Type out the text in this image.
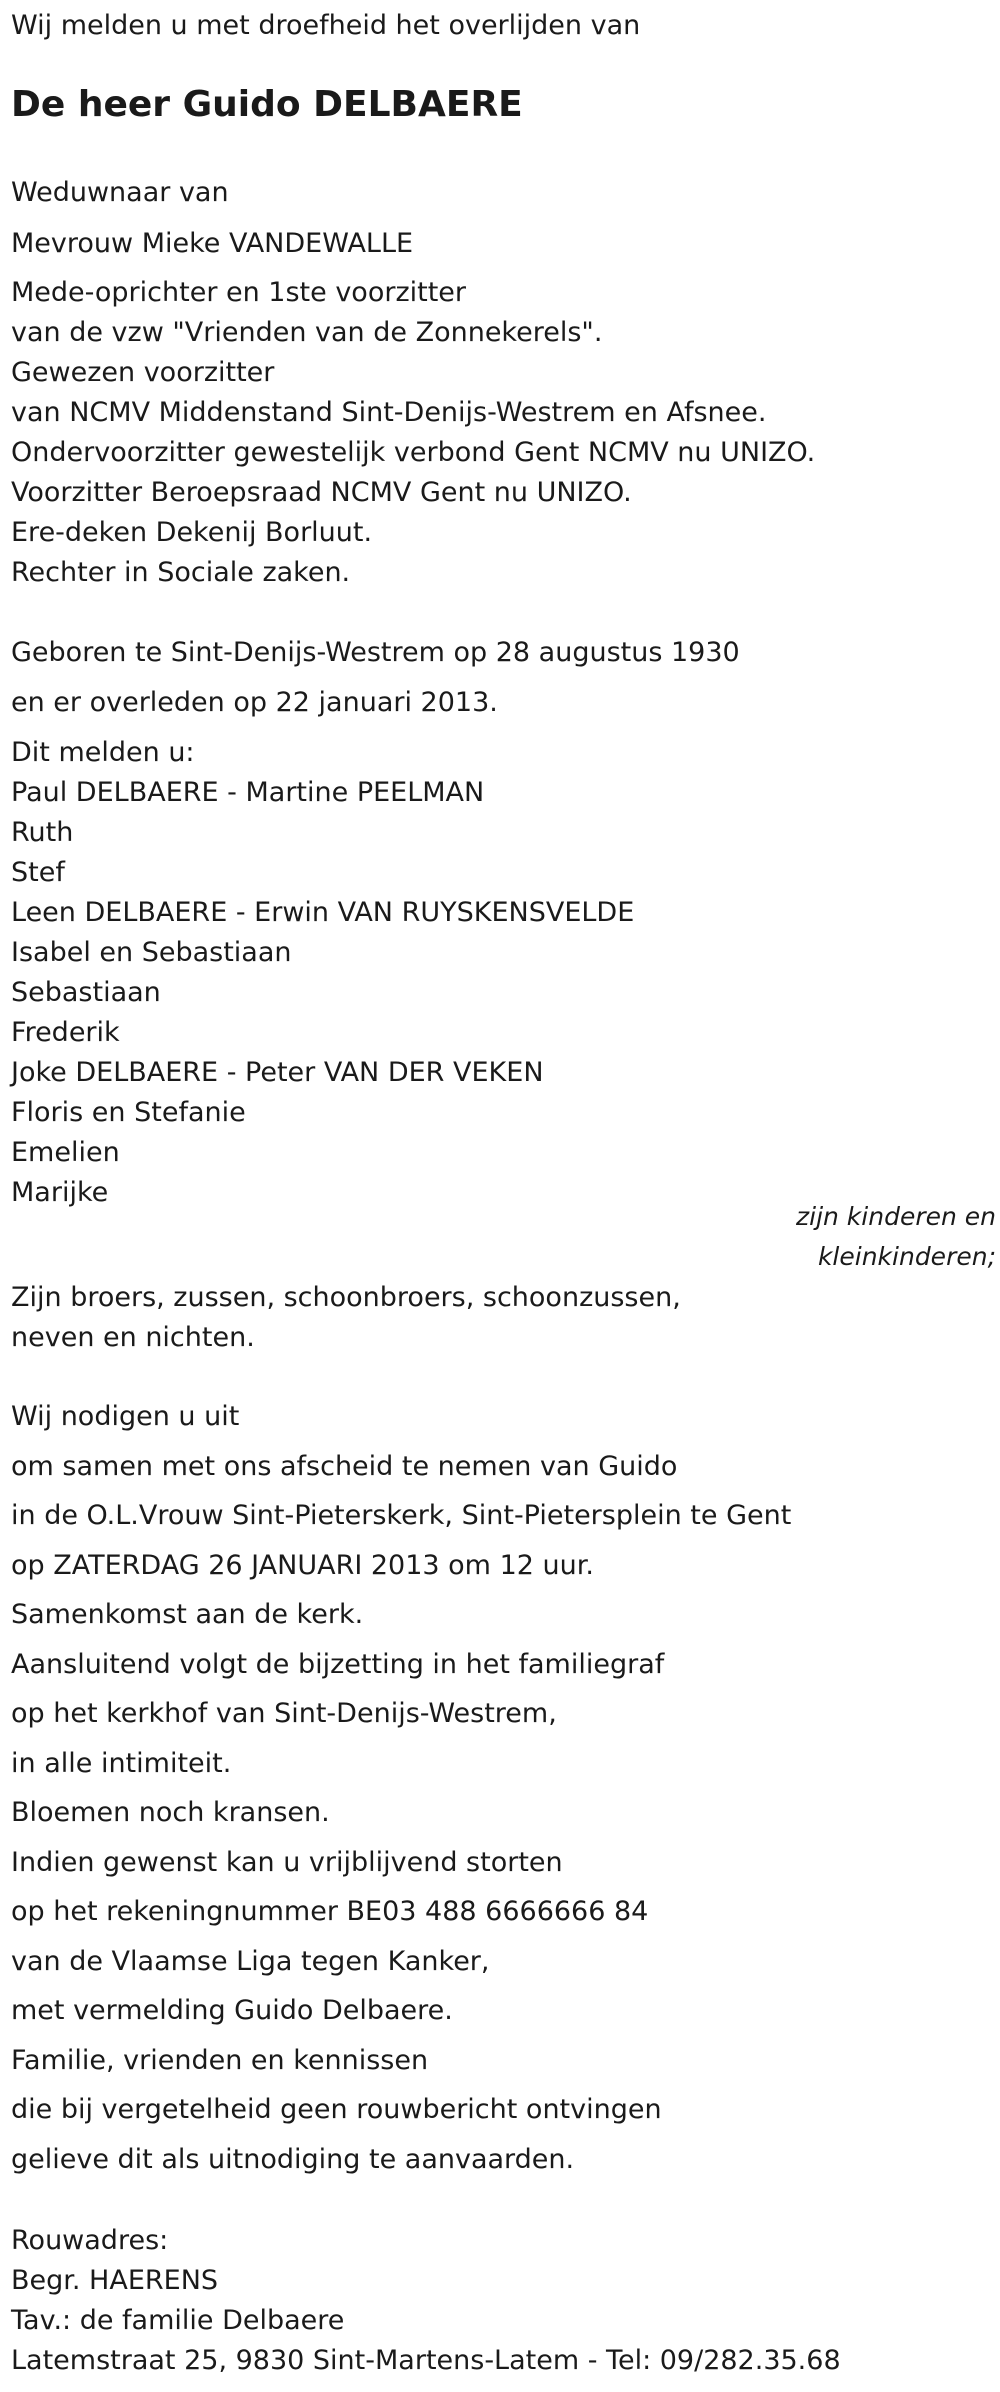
Wij melden u met droefheid het overlijden van
De heer Guido DELBAERE
Weduwnaar van
Mevrouw Mieke VANDEWALLE
Mede-oprichter en 1ste voorzitter
van de vzw "Vrienden van de Zonnekerels".
Gewezen voorzitter
van NCMV Middenstand Sint-Denijs-Westrem en Afsnee.
Ondervoorzitter gewestelijk verbond Gent NCMV nu UNIZO.
Voorzitter Beroepsraad NCMV Gent nu UNIZO.
Ere-deken Dekenij Borluut.
Rechter in Sociale zaken.
Geboren te Sint-Denijs-Westrem op 28 augustus 1930
en er overleden op 22 januari 2013.
Dit melden u:
Paul DELBAERE - Martine PEELMAN
Ruth
Stef
Leen DELBAERE - Erwin VAN RUYSKENSVELDE
Isabel en Sebastiaan
Sebastiaan
Frederik
Joke DELBAERE - Peter VAN DER VEKEN
Floris en Stefanie
Emelien
Marijke
zijn kinderen en
kleinkinderen;
Zijn broers, zussen, schoonbroers, schoonzussen,
neven en nichten.
Wij nodigen u uit
om samen met ons afscheid te nemen van Guido
in de O.L.Vrouw Sint-Pieterskerk, Sint-Pietersplein te Gent
op ZATERDAG 26 JANUARI 2013 om 12 uur.
Samenkomst aan de kerk.
Aansluitend volgt de bijzetting in het familiegraf
op het kerkhof van Sint-Denijs-Westrem,
in alle intimiteit.
Bloemen noch kransen.
Indien gewenst kan u vrijblijvend storten
op het rekeningnummer BE03 488 6666666 84
van de Vlaamse Liga tegen Kanker,
met vermelding Guido Delbaere.
Familie, vrienden en kennissen
die bij vergetelheid geen rouwbericht ontvingen
gelieve dit als uitnodiging te aanvaarden.
Rouwadres:
Begr. HAERENS
Tav.: de familie Delbaere
Latemstraat 25, 9830 Sint-Martens-Latem - Tel: 09/282.35.68
